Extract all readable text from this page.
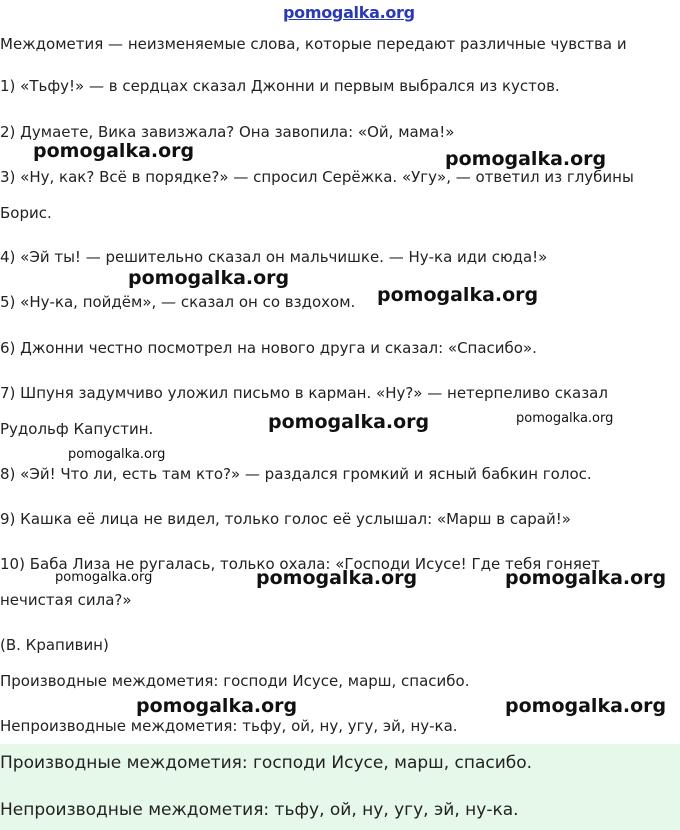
pomogalka.org

Междометия — неизменяемые слова, которые передают различные чувства и

1) «Тьфу!» — в сердцах сказал Джонни и первым выбрался из кустов.

2) Думаете, Вика завизжала? Она завопила: «Ой, мама!»

3) «Ну, как? Всё в порядке?» — спросил Серёжка. «Угу», — ответил из глубины

Борис.

4) «Эй ты! — решительно сказал он мальчишке. — Ну-ка иди сюда!»

5) «Ну-ка, пойдём», — сказал он со вздохом.

6) Джонни честно посмотрел на нового друга и сказал: «Спасибо».

7) Шпуня задумчиво уложил письмо в карман. «Ну?» — нетерпеливо сказал

Рудольф Капустин.

8) «Эй! Что ли, есть там кто?» — раздался громкий и ясный бабкин голос.

9) Кашка её лица не видел, только голос её услышал: «Марш в сарай!»

10) Баба Лиза не ругалась, только охала: «Господи Исусе! Где тебя гоняет

нечистая сила?»

(В. Крапивин)

Производные междометия: господи Исусе, марш, спасибо.

Непроизводные междометия: тьфу, ой, ну, угу, эй, ну-ка.

Производные междометия: господи Исусе, марш, спасибо.

Непроизводные междометия: тьфу, ой, ну, угу, эй, ну-ка.

pomogalka.org	pomogalka.org
pomogalka.org
pomogalka.org
pomogalka.org	pomogalka.org
pomogalka.org
pomogalka.org	pomogalka.org	pomogalka.org
pomogalka.org	pomogalka.org
